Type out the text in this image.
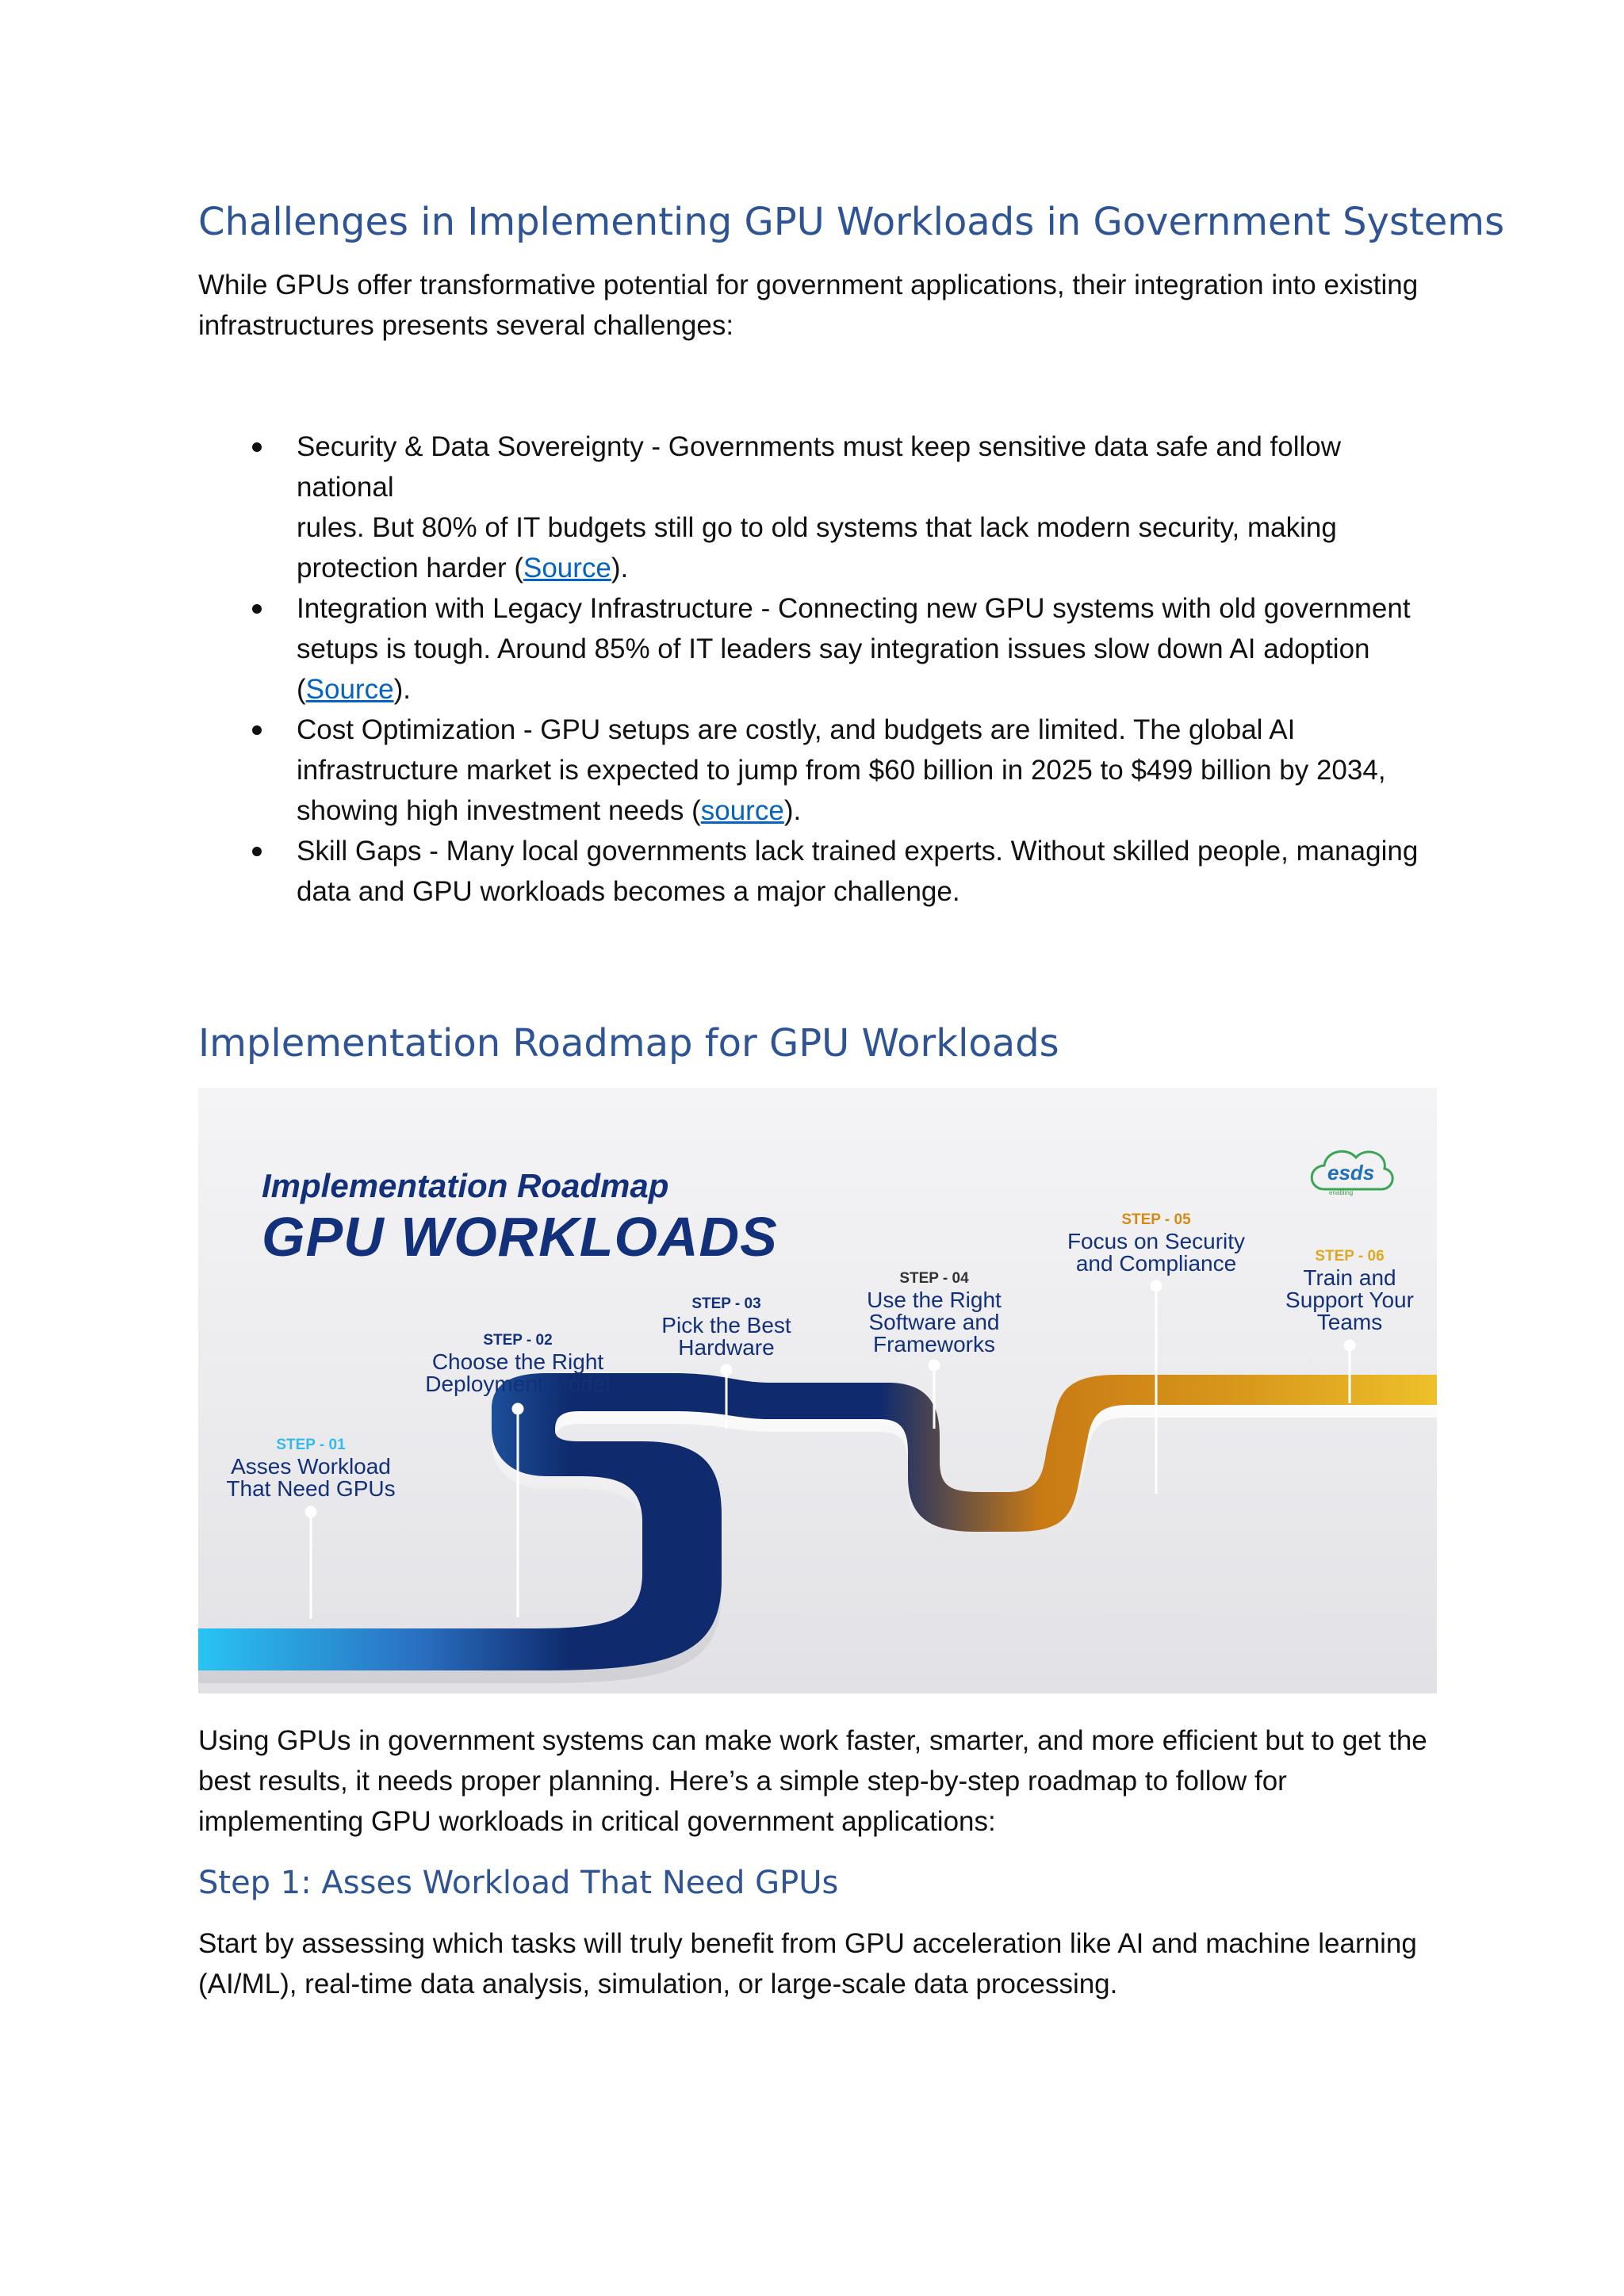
Challenges in Implementing GPU Workloads in Government Systems

While GPUs offer transformative potential for government applications, their integration into existing
infrastructures presents several challenges:

Security & Data Sovereignty - Governments must keep sensitive data safe and follow national
rules. But 80% of IT budgets still go to old systems that lack modern security, making
protection harder (Source).
Integration with Legacy Infrastructure - Connecting new GPU systems with old government
setups is tough. Around 85% of IT leaders say integration issues slow down AI adoption
(Source).
Cost Optimization - GPU setups are costly, and budgets are limited. The global AI
infrastructure market is expected to jump from $60 billion in 2025 to $499 billion by 2034,
showing high investment needs (source).
Skill Gaps - Many local governments lack trained experts. Without skilled people, managing
data and GPU workloads becomes a major challenge.
Implementation Roadmap for GPU Workloads
Implementation Roadmap
GPU WORKLOADS
esds
enabling
STEP - 01
Asses Workload
That Need GPUs
STEP - 02
Choose the Right
Deployment Model
STEP - 03
Pick the Best
Hardware
STEP - 04
Use the Right
Software and
Frameworks
STEP - 05
Focus on Security
and Compliance	STEP - 06
Train and
Support Your
Teams

Using GPUs in government systems can make work faster, smarter, and more efficient but to get the
best results, it needs proper planning. Here’s a simple step-by-step roadmap to follow for
implementing GPU workloads in critical government applications:

Step 1: Asses Workload That Need GPUs

Start by assessing which tasks will truly benefit from GPU acceleration like AI and machine learning
(AI/ML), real-time data analysis, simulation, or large-scale data processing.
